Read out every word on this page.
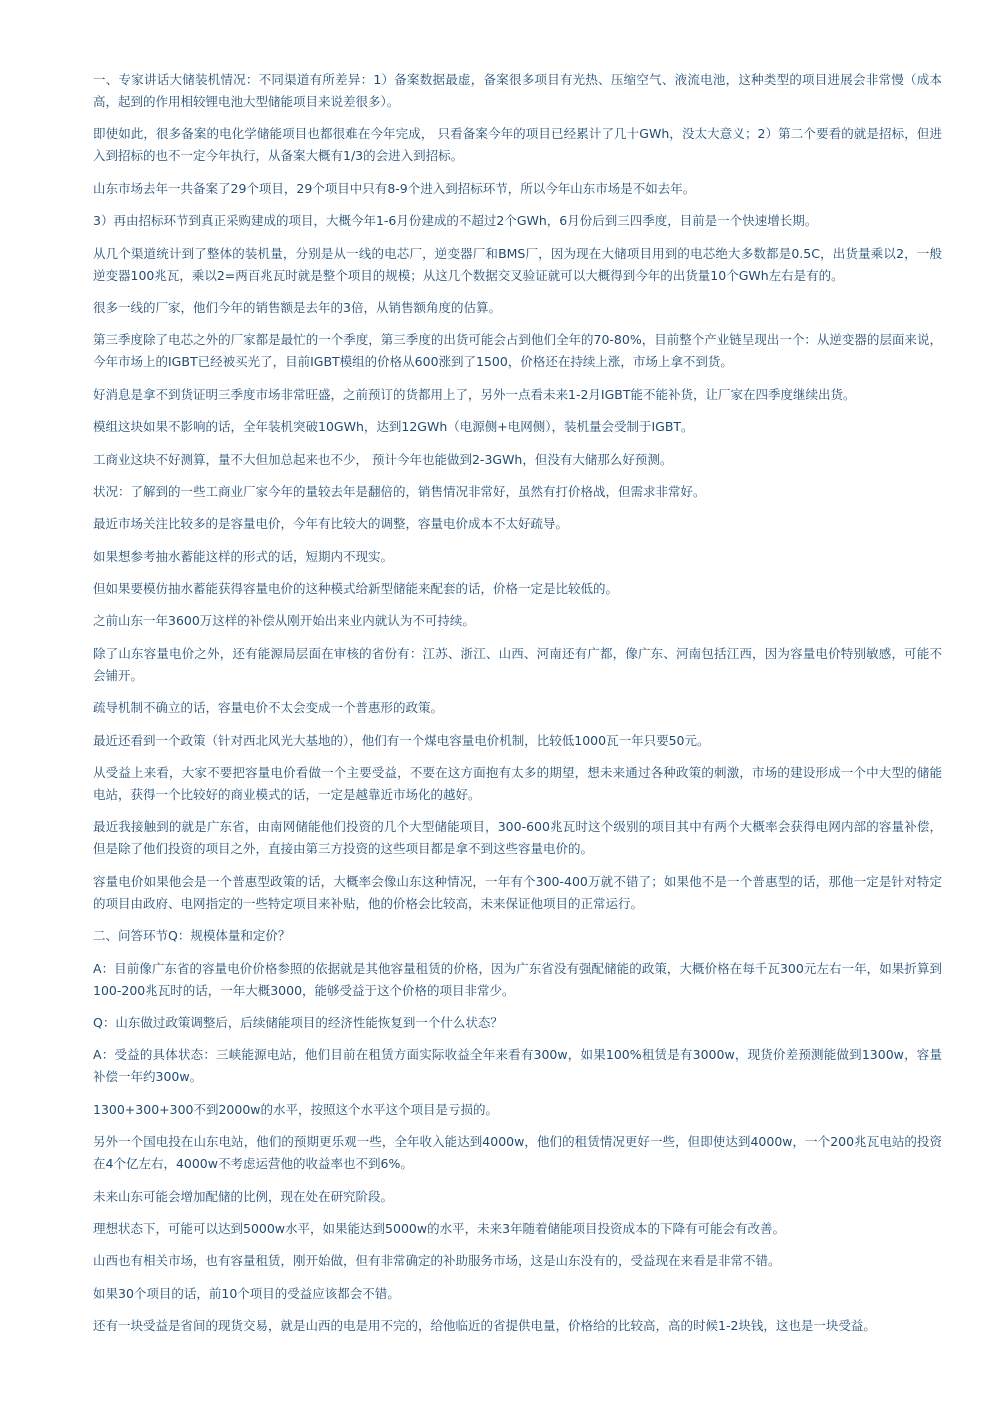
一、专家讲话大储装机情况：不同渠道有所差异：1）备案数据最虚，备案很多项目有光热、压缩空气、液流电池，这种类型的项目进展会非常慢（成本高，起到的作用相较锂电池大型储能项目来说差很多）。

即使如此，很多备案的电化学储能项目也都很难在今年完成， 只看备案今年的项目已经累计了几十GWh，没太大意义；2）第二个要看的就是招标，但进入到招标的也不一定今年执行，从备案大概有1/3的会进入到招标。

山东市场去年一共备案了29个项目，29个项目中只有8-9个进入到招标环节，所以今年山东市场是不如去年。

3）再由招标环节到真正采购建成的项目，大概今年1-6月份建成的不超过2个GWh，6月份后到三四季度，目前是一个快速增长期。

从几个渠道统计到了整体的装机量，分别是从一线的电芯厂，逆变器厂和BMS厂，因为现在大储项目用到的电芯绝大多数都是0.5C，出货量乘以2，一般逆变器100兆瓦，乘以2=两百兆瓦时就是整个项目的规模；从这几个数据交叉验证就可以大概得到今年的出货量10个GWh左右是有的。

很多一线的厂家，他们今年的销售额是去年的3倍，从销售额角度的估算。

第三季度除了电芯之外的厂家都是最忙的一个季度，第三季度的出货可能会占到他们全年的70-80%，目前整个产业链呈现出一个：从逆变器的层面来说，今年市场上的IGBT已经被买光了，目前IGBT模组的价格从600涨到了1500，价格还在持续上涨，市场上拿不到货。

好消息是拿不到货证明三季度市场非常旺盛，之前预订的货都用上了，另外一点看未来1-2月IGBT能不能补货，让厂家在四季度继续出货。

模组这块如果不影响的话，全年装机突破10GWh，达到12GWh（电源侧+电网侧），装机量会受制于IGBT。

工商业这块不好测算，量不大但加总起来也不少， 预计今年也能做到2-3GWh，但没有大储那么好预测。

状况：了解到的一些工商业厂家今年的量较去年是翻倍的，销售情况非常好，虽然有打价格战，但需求非常好。

最近市场关注比较多的是容量电价，今年有比较大的调整，容量电价成本不太好疏导。

如果想参考抽水蓄能这样的形式的话，短期内不现实。

但如果要模仿抽水蓄能获得容量电价的这种模式给新型储能来配套的话，价格一定是比较低的。

之前山东一年3600万这样的补偿从刚开始出来业内就认为不可持续。

除了山东容量电价之外，还有能源局层面在审核的省份有：江苏、浙江、山西、河南还有广都，像广东、河南包括江西，因为容量电价特别敏感，可能不会铺开。

疏导机制不确立的话，容量电价不太会变成一个普惠形的政策。

最近还看到一个政策（针对西北风光大基地的），他们有一个煤电容量电价机制，比较低1000瓦一年只要50元。

从受益上来看，大家不要把容量电价看做一个主要受益，不要在这方面抱有太多的期望，想未来通过各种政策的刺激，市场的建设形成一个中大型的储能电站，获得一个比较好的商业模式的话，一定是越靠近市场化的越好。

最近我接触到的就是广东省，由南网储能他们投资的几个大型储能项目，300-600兆瓦时这个级别的项目其中有两个大概率会获得电网内部的容量补偿，但是除了他们投资的项目之外，直接由第三方投资的这些项目都是拿不到这些容量电价的。

容量电价如果他会是一个普惠型政策的话，大概率会像山东这种情况，一年有个300-400万就不错了；如果他不是一个普惠型的话，那他一定是针对特定的项目由政府、电网指定的一些特定项目来补贴，他的价格会比较高，未来保证他项目的正常运行。

二、问答环节Q：规模体量和定价？

A：目前像广东省的容量电价价格参照的依据就是其他容量租赁的价格，因为广东省没有强配储能的政策，大概价格在每千瓦300元左右一年，如果折算到100-200兆瓦时的话，一年大概3000，能够受益于这个价格的项目非常少。

Q：山东做过政策调整后，后续储能项目的经济性能恢复到一个什么状态？

A：受益的具体状态：三峡能源电站，他们目前在租赁方面实际收益全年来看有300w，如果100%租赁是有3000w，现货价差预测能做到1300w，容量补偿一年约300w。

1300+300+300不到2000w的水平，按照这个水平这个项目是亏损的。

另外一个国电投在山东电站，他们的预期更乐观一些，全年收入能达到4000w，他们的租赁情况更好一些，但即使达到4000w，一个200兆瓦电站的投资在4个亿左右，4000w不考虑运营他的收益率也不到6%。

未来山东可能会增加配储的比例，现在处在研究阶段。

理想状态下，可能可以达到5000w水平，如果能达到5000w的水平，未来3年随着储能项目投资成本的下降有可能会有改善。

山西也有相关市场，也有容量租赁，刚开始做，但有非常确定的补助服务市场，这是山东没有的，受益现在来看是非常不错。

如果30个项目的话，前10个项目的受益应该都会不错。

还有一块受益是省间的现货交易，就是山西的电是用不完的，给他临近的省提供电量，价格给的比较高，高的时候1-2块钱，这也是一块受益。
